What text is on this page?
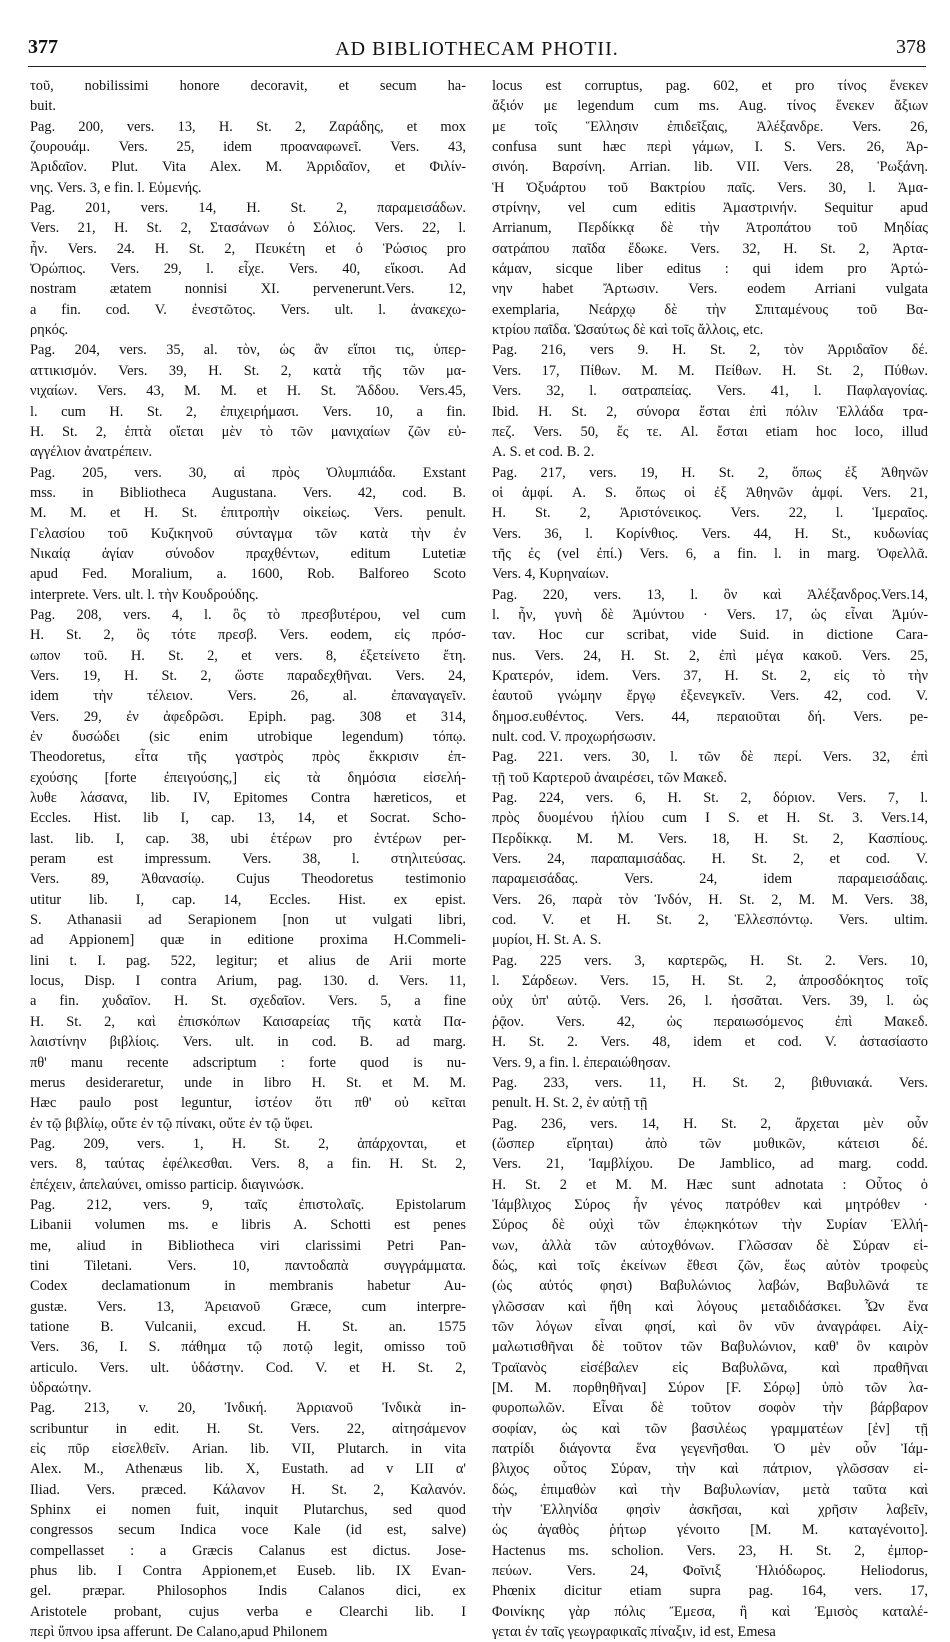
377	AD BIBLIOTHECAM PHOTII.	378
τοῦ, nobilissimi honore decoravit, et secum ha-
buit.
Pag. 200, vers. 13, H. St. 2, Ζαράδης, et mox
ζουρουάμ. Vers. 25, idem προαναφωνεῖ. Vers. 43,
Ἀριδαῖον. Plut. Vita Alex. M. Ἀρριδαῖον, et Φιλίν-
νης. Vers. 3, e fin. l. Εὐμενής.
Pag. 201, vers. 14, H. St. 2, παραμεισάδων.
Vers. 21, H. St. 2, Στασάνων ὁ Σόλιος. Vers. 22, l.
ἦν. Vers. 24. H. St. 2, Πευκέτη et ὁ Ῥώσιος pro
Ὀρώπιος. Vers. 29, l. εἶχε. Vers. 40, εἴκοσι. Ad
nostram ætatem nonnisi XI. pervenerunt.Vers. 12,
a fin. cod. V. ἐνεστῶτος. Vers. ult. l. ἀνακεχω-
ρηκός.
Pag. 204, vers. 35, al. τὸν, ὡς ἂν εἴποι τις, ὑπερ-
αττικισμόν. Vers. 39, H. St. 2, κατὰ τῆς τῶν μα-
νιχαίων. Vers. 43, M. M. et H. St. Ἄδδου. Vers.45,
l. cum H. St. 2, ἐπιχειρήμασι. Vers. 10, a fin.
H. St. 2, ἑπτὰ οἴεται μὲν τὸ τῶν μανιχαίων ζῶν εὐ-
αγγέλιον ἀνατρέπειν.
Pag. 205, vers. 30, αἱ πρὸς Ὀλυμπιάδα. Exstant
mss. in Bibliotheca Augustana. Vers. 42, cod. B.
M. M. et H. St. ἐπιτροπὴν οἰκείως. Vers. penult.
Γελασίου τοῦ Κυζικηνοῦ σύνταγμα τῶν κατὰ τὴν ἐν
Νικαίᾳ ἁγίαν σύνοδον πραχθέντων, editum Lutetiæ
apud Fed. Moralium, a. 1600, Rob. Balforeo Scoto
interprete. Vers. ult. l. τὴν Κουδρούδης.
Pag. 208, vers. 4, l. ὃς τὸ πρεσβυτέρου, vel cum
H. St. 2, ὃς τότε πρεσβ. Vers. eodem, εἰς πρόσ-
ωπον τοῦ. H. St. 2, et vers. 8, ἐξετείνετο ἔτη.
Vers. 19, H. St. 2, ὥστε παραδεχθῆναι. Vers. 24,
idem τὴν τέλειον. Vers. 26, al. ἐπαναγαγεῖν.
Vers. 29, ἐν ἀφεδρῶσι. Epiph. pag. 308 et 314,
ἐν δυσώδει (sic enim utrobique legendum) τόπῳ.
Theodoretus, εἶτα τῆς γαστρὸς πρὸς ἔκκρισιν ἐπ-
εχούσης [forte ἐπειγούσης,] εἰς τὰ δημόσια εἰσελή-
λυθε λάσανα, lib. IV, Epitomes Contra hæreticos, et
Eccles. Hist. lib I, cap. 13, 14, et Socrat. Scho-
last. lib. I, cap. 38, ubi ἑτέρων pro ἐντέρων per-
peram est impressum. Vers. 38, l. στηλιτεύσας.
Vers. 89, Ἀθανασίῳ. Cujus Theodoretus testimonio
utitur lib. I, cap. 14, Eccles. Hist. ex epist.
S. Athanasii ad Serapionem [non ut vulgati libri,
ad Appionem] quæ in editione proxima H.Commeli-
lini t. I. pag. 522, legitur; et alius de Arii morte
locus, Disp. I contra Arium, pag. 130. d. Vers. 11,
a fin. χυδαῖον. H. St. σχεδαῖον. Vers. 5, a fine
H. St. 2, καὶ ἐπισκόπων Καισαρείας τῆς κατὰ Πα-
λαιστίνην βιβλίοις. Vers. ult. in cod. B. ad marg.
πθ' manu recente adscriptum : forte quod is nu-
merus desideraretur, unde in libro H. St. et M. M.
Hæc paulo post leguntur, ἰστέον ὅτι πθ' οὐ κεῖται
ἐν τῷ βιβλίῳ, οὔτε ἐν τῷ πίνακι, οὔτε ἐν τῷ ὕφει.
Pag. 209, vers. 1, H. St. 2, ἀπάρχονται, et
vers. 8, ταύτας ἐφέλκεσθαι. Vers. 8, a fin. H. St. 2,
ἐπέχειν, ἀπελαύνει, omisso particip. διαγινώσκ.
Pag. 212, vers. 9, ταῖς ἐπιστολαῖς. Epistolarum
Libanii volumen ms. e libris A. Schotti est penes
me, aliud in Bibliotheca viri clarissimi Petri Pan-
tini Tiletani. Vers. 10, παντοδαπὰ συγγράμματα.
Codex declamationum in membranis habetur Au-
gustæ. Vers. 13, Ἀρειανοῦ Græce, cum interpre-
tatione B. Vulcanii, excud. H. St. an. 1575
Vers. 36, I. S. πάθημα τῷ ποτῷ legit, omisso τοῦ
articulo. Vers. ult. ὑδάστην. Cod. V. et H. St. 2,
ὑδραώτην.
Pag. 213, v. 20, Ἰνδική. Ἀρριανοῦ Ἰνδικὰ in-
scribuntur in edit. H. St. Vers. 22, αἰτησάμενον
εἰς πῦρ εἰσελθεῖν. Arian. lib. VII, Plutarch. in vita
Alex. M., Athenæus lib. X, Eustath. ad v LII α'
Iliad. Vers. præced. Κάλανον H. St. 2, Καλανόν.
Sphinx ei nomen fuit, inquit Plutarchus, sed quod
congressos secum Indica voce Kale (id est, salve)
compellasset : a Græcis Calanus est dictus. Jose-
phus lib. I Contra Appionem,et Euseb. lib. IX Evan-
gel. præpar. Philosophos Indis Calanos dici, ex
Aristotele probant, cujus verba e Clearchi lib. I
περὶ ὕπνου ipsa afferunt. De Calano,apud Philonem
locus est corruptus, pag. 602, et pro τίνος ἕνεκεν
ἄξιόν με legendum cum ms. Aug. τίνος ἕνεκεν ἄξιων
με τοῖς Ἕλλησιν ἐπιδεῖξαις, Ἀλέξανδρε. Vers. 26,
confusa sunt hæc περὶ γάμων, I. S. Vers. 26, Ἀρ-
σινόη. Βαρσίνη. Arrian. lib. VII. Vers. 28, Ῥωξάνη.
Ἡ Ὀξυάρτου τοῦ Βακτρίου παῖς. Vers. 30, l. Ἀμα-
στρίνην, vel cum editis Ἀμαστρινήν. Sequitur apud
Arrianum, Περδίκκᾳ δὲ τὴν Ἀτροπάτου τοῦ Μηδίας
σατράπου παῖδα ἔδωκε. Vers. 32, H. St. 2, Ἀρτα-
κάμαν, sicque liber editus : qui idem pro Ἀρτώ-
νην habet Ἄρτωσιν. Vers. eodem Arriani vulgata
exemplaria, Νεάρχῳ δὲ τὴν Σπιταμένους τοῦ Βα-
κτρίου παῖδα. Ὡσαύτως δὲ καὶ τοῖς ἄλλοις, etc.
Pag. 216, vers 9. H. St. 2, τὸν Ἀρριδαῖον δέ.
Vers. 17, Πίθων. M. M. Πείθων. H. St. 2, Πύθων.
Vers. 32, l. σατραπείας. Vers. 41, l. Παφλαγονίας.
Ibid. H. St. 2, σύνορα ἔσται ἐπὶ πόλιν Ἑλλάδα τρα-
πεζ. Vers. 50, ἕς τε. Al. ἔσται etiam hoc loco, illud
A. S. et cod. B. 2.
Pag. 217, vers. 19, H. St. 2, ὅπως ἐξ Ἀθηνῶν
οἱ ἀμφί. A. S. ὅπως οἱ ἐξ Ἀθηνῶν ἀμφί. Vers. 21,
H. St. 2, Ἀριστόνεικος. Vers. 22, l. Ἱμεραῖος.
Vers. 36, l. Κορίνθιος. Vers. 44, H. St., κυδωνίας
τῆς ἐς (vel ἐπί.) Vers. 6, a fin. l. in marg. Ὀφελλᾶ.
Vers. 4, Κυρηναίων.
Pag. 220, vers. 13, l. ὃν καὶ Ἀλέξανδρος.Vers.14,
l. ἦν, γυνὴ δὲ Ἀμύντου · Vers. 17, ὡς εἶναι Ἀμύν-
ταν. Hoc cur scribat, vide Suid. in dictione Cara-
nus. Vers. 24, H. St. 2, ἐπὶ μέγα κακοῦ. Vers. 25,
Κρατερόν, idem. Vers. 37, H. St. 2, εἰς τὸ τὴν
ἑαυτοῦ γνώμην ἔργῳ ἐξενεγκεῖν. Vers. 42, cod. V.
δημοσ.ευθέντος. Vers. 44, περαιοῦται δή. Vers. pe-
nult. cod. V. προχωρήσωσιν.
Pag. 221. vers. 30, l. τῶν δὲ περί. Vers. 32, ἐπὶ
τῇ τοῦ Καρτεροῦ ἀναιρέσει, τῶν Μακεδ.
Pag. 224, vers. 6, H. St. 2, δόριον. Vers. 7, l.
πρὸς δυομένου ἡλίου cum I S. et H. St. 3. Vers.14,
Περδίκκᾳ. M. M. Vers. 18, H. St. 2, Κασπίους.
Vers. 24, παραπαμισάδας. H. St. 2, et cod. V.
παραμεισάδας. Vers. 24, idem παραμεισάδαις.
Vers. 26, παρὰ τὸν Ἰνδόν, H. St. 2, M. M. Vers. 38,
cod. V. et H. St. 2, Ἑλλεσπόντῳ. Vers. ultim.
μυρίοι, H. St. A. S.
Pag. 225 vers. 3, καρτερῶς, H. St. 2. Vers. 10,
l. Σάρδεων. Vers. 15, H. St. 2, ἀπροσδόκητος τοῖς
οὐχ ὑπ' αὐτῷ. Vers. 26, l. ἡσσᾶται. Vers. 39, l. ὡς
ῥᾷον. Vers. 42, ὡς περαιωσόμενος ἐπὶ Μακεδ.
H. St. 2. Vers. 48, idem et cod. V. ἀστασίαστο
Vers. 9, a fin. l. ἐπεραιώθησαν.
Pag. 233, vers. 11, H. St. 2, βιθυνιακά. Vers.
penult. H. St. 2, ἐν αὐτῇ τῇ
Pag. 236, vers. 14, H. St. 2, ἄρχεται μὲν οὖν
(ὥσπερ εἴρηται) ἀπὸ τῶν μυθικῶν, κάτεισι δέ.
Vers. 21, Ἰαμβλίχου. De Jamblico, ad marg. codd.
H. St. 2 et M. M. Hæc sunt adnotata : Οὗτος ὁ
Ἰάμβλιχος Σύρος ἦν γένος πατρόθεν καὶ μητρόθεν ·
Σύρος δὲ οὐχὶ τῶν ἐπῳκηκότων τὴν Συρίαν Ἑλλή-
νων, ἀλλὰ τῶν αὐτοχθόνων. Γλῶσσαν δὲ Σύραν εἰ-
δώς, καὶ τοῖς ἐκείνων ἔθεσι ζῶν, ἕως αὐτὸν τροφεὺς
(ὡς αὐτός φησι) Βαβυλώνιος λαβών, Βαβυλῶνά τε
γλῶσσαν καὶ ἤθη καὶ λόγους μεταδιδάσκει. Ὧν ἕνα
τῶν λόγων εἶναι φησί, καὶ ὃν νῦν ἀναγράφει. Αἰχ-
μαλωτισθῆναι δὲ τοῦτον τῶν Βαβυλώνιον, καθ' ὃν καιρὸν
Τραϊανὸς εἰσέβαλεν εἰς Βαβυλῶνα, καὶ πραθῆναι
[M. M. πορθηθῆναι] Σύρον [F. Σόρῳ] ὑπὸ τῶν λα-
φυροπωλῶν. Εἶναι δὲ τοῦτον σοφὸν τὴν βάρβαρον
σοφίαν, ὡς καὶ τῶν βασιλέως γραμματέων [ἐν] τῇ
πατρίδι διάγοντα ἕνα γεγενῆσθαι. Ὁ μὲν οὖν Ἰάμ-
βλιχος οὗτος Σύραν, τὴν καὶ πάτριον, γλῶσσαν εἰ-
δώς, ἐπιμαθὼν καὶ τὴν Βαβυλωνίαν, μετὰ ταῦτα καὶ
τὴν Ἑλληνίδα φησὶν ἀσκῆσαι, καὶ χρῆσιν λαβεῖν,
ὡς ἀγαθὸς ῥήτωρ γένοιτο [M. M. καταγένοιτο].
Hactenus ms. scholion. Vers. 23, H. St. 2, ἐμπορ-
πεύων. Vers. 24, Φοῖνιξ Ἡλιόδωρος. Heliodorus,
Phœnix dicitur etiam supra pag. 164, vers. 17,
Φοινίκης γὰρ πόλις Ἔμεσα, ἢ καὶ Ἐμισὸς καταλέ-
γεται ἐν ταῖς γεωγραφικαῖς πίναξιν, id est, Emesa
